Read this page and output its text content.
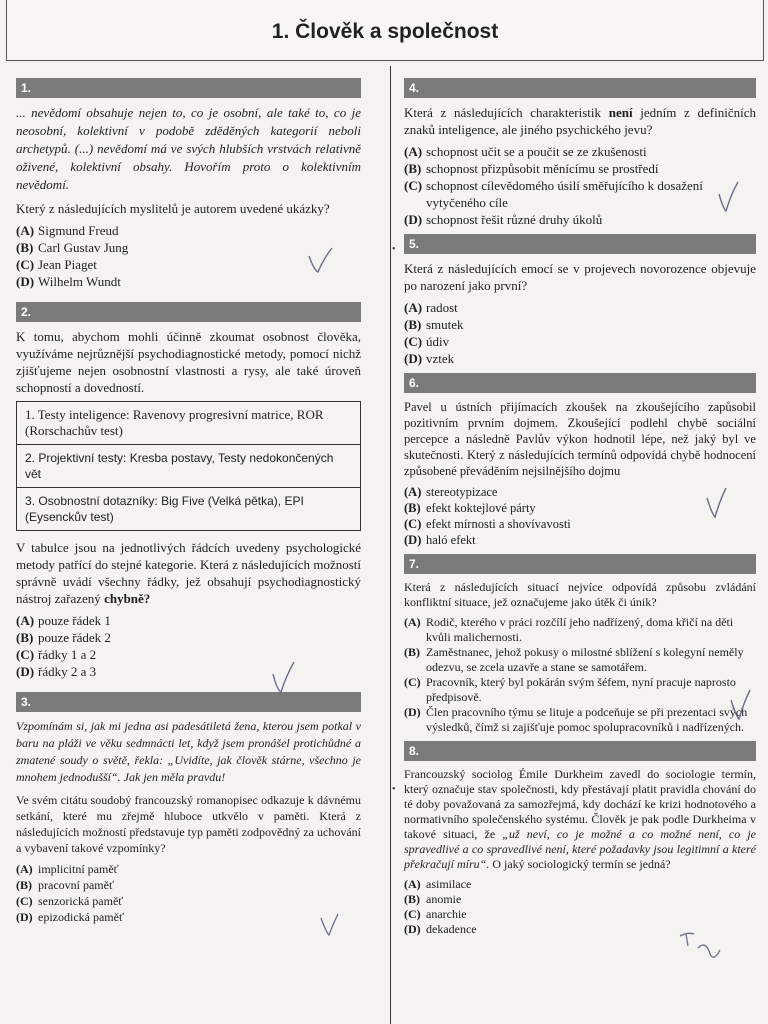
1. Člověk a společnost
•
•
1.

... nevědomí obsahuje nejen to, co je osobní, ale také to, co je neosobní, kolektivní v podobě zděděných kategorií neboli archetypů. (...) nevědomí má ve svých hlubších vrstvách relativně oživené, kolektivní obsahy. Hovořím proto o kolektivním nevědomí.

Který z následujících myslitelů je autorem uvedené ukázky?

(A) Sigmund Freud
(B) Carl Gustav Jung
(C) Jean Piaget
(D) Wilhelm Wundt
2.

K tomu, abychom mohli účinně zkoumat osobnost člověka, využíváme nejrůznější psychodiagnostické metody, pomocí nichž zjišťujeme nejen osobnostní vlastnosti a rysy, ale také úroveň schopností a dovedností.

1. Testy inteligence: Ravenovy progresivní matrice, ROR (Rorschachův test)
2. Projektivní testy: Kresba postavy, Testy nedokončených vět
3. Osobnostní dotazníky: Big Five (Velká pětka), EPI (Eysenckův test)

V tabulce jsou na jednotlivých řádcích uvedeny psychologické metody patřící do stejné kategorie. Která z následujících možností správně uvádí všechny řádky, jež obsahují psychodiagnostický nástroj zařazený chybně?

(A) pouze řádek 1
(B) pouze řádek 2
(C) řádky 1 a 2
(D) řádky 2 a 3
3.

Vzpomínám si, jak mi jedna asi padesátiletá žena, kterou jsem potkal v baru na pláži ve věku sedmnácti let, když jsem pronášel protichůdné a zmatené soudy o světě, řekla: „Uvidíte, jak člověk stárne, všechno je mnohem jednodušší“. Jak jen měla pravdu!

Ve svém citátu soudobý francouzský romanopisec odkazuje k dávnému setkání, které mu zřejmě hluboce utkvělo v paměti. Která z následujících možností představuje typ paměti zodpovědný za uchování a vybavení takové vzpomínky?

(A) implicitní paměť
(B) pracovní paměť
(C) senzorická paměť
(D) epizodická paměť
4.

Která z následujících charakteristik není jedním z definičních znaků inteligence, ale jiného psychického jevu?

(A) schopnost učit se a poučit se ze zkušenosti
(B) schopnost přizpůsobit měnícímu se prostředí
(C) schopnost cílevědomého úsilí směřujícího k dosažení vytyčeného cíle
(D) schopnost řešit různé druhy úkolů
5.

Která z následujících emocí se v projevech novorozence objevuje po narození jako první?

(A) radost
(B) smutek
(C) údiv
(D) vztek
6.

Pavel u ústních přijímacích zkoušek na zkoušejícího zapůsobil pozitivním prvním dojmem. Zkoušející podlehl chybě sociální percepce a následně Pavlův výkon hodnotil lépe, než jaký byl ve skutečnosti. Který z následujících termínů odpovídá chybě hodnocení způsobené převáděním nejsilnějšího dojmu

(A) stereotypizace
(B) efekt koktejlové párty
(C) efekt mírnosti a shovívavosti
(D) haló efekt
7.

Která z následujících situací nejvíce odpovídá způsobu zvládání konfliktní situace, jež označujeme jako útěk či únik?

(A) Rodič, kterého v práci rozčílí jeho nadřízený, doma křičí na děti kvůli malichernosti.
(B) Zaměstnanec, jehož pokusy o milostné sblížení s kolegyní neměly odezvu, se zcela uzavře a stane se samotářem.
(C) Pracovník, který byl pokárán svým šéfem, nyní pracuje naprosto předpisově.
(D) Člen pracovního týmu se lituje a podceňuje se při prezentaci svých výsledků, čímž si zajišťuje pomoc spolupracovníků i nadřízených.
8.

Francouzský sociolog Émile Durkheim zavedl do sociologie termín, který označuje stav společnosti, kdy přestávají platit pravidla chování do té doby považovaná za samozřejmá, kdy dochází ke krizi hodnotového a normativního společenského systému. Člověk je pak podle Durkheima v takové situaci, že „už neví, co je možné a co možné není, co je spravedlivé a co spravedlivé není, které požadavky jsou legitimní a které překračují míru“. O jaký sociologický termín se jedná?

(A) asimilace
(B) anomie
(C) anarchie
(D) dekadence
